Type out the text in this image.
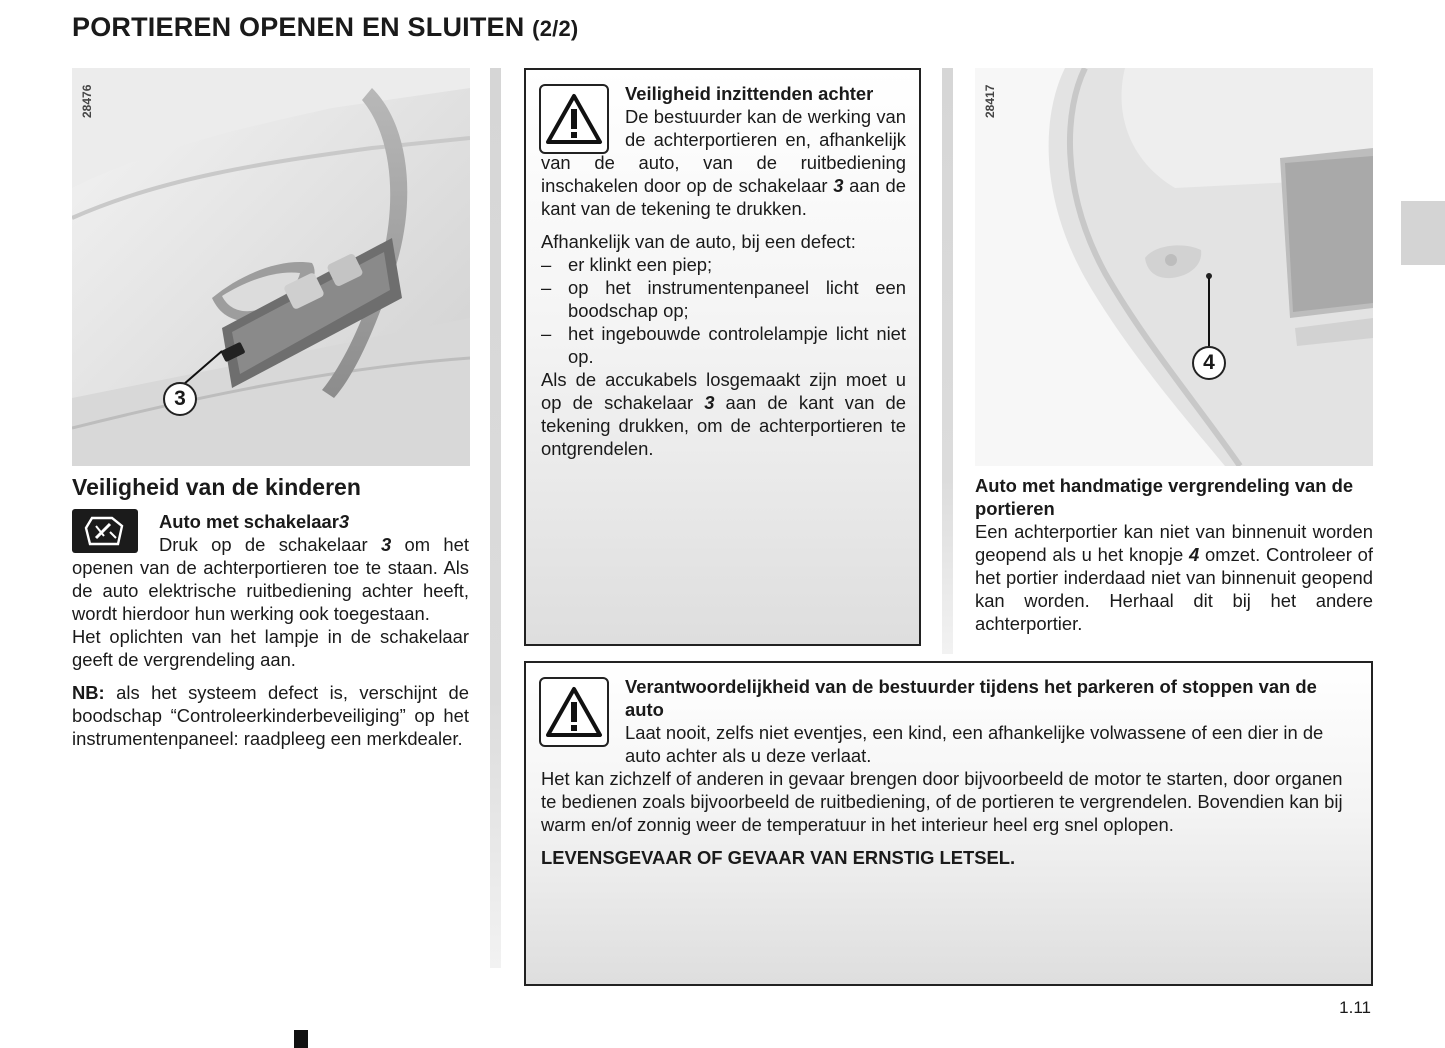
PORTIEREN OPENEN EN SLUITEN (2/2)
28476
3
28417
4
Veiligheid van de kinderen
Auto met schakelaar3
Druk op de schakelaar 3 om het openen van de achterportieren toe te staan. Als de auto elektrische ruitbediening achter heeft, wordt hierdoor hun werking ook toegestaan.
Het oplichten van het lampje in de schakelaar geeft de vergrendeling aan.
NB: als het systeem defect is, verschijnt de boodschap “Controleerkinderbeveiliging” op het instrumentenpaneel: raadpleeg een merkdealer.
Veiligheid inzittenden achter
De bestuurder kan de werking van de achterportieren en, afhankelijk van de auto, van de ruitbediening inschakelen door op de schakelaar 3 aan de kant van de tekening te drukken.
Afhankelijk van de auto, bij een defect:
– er klinkt een piep;
– op het instrumentenpaneel licht een boodschap op;
– het ingebouwde controlelampje licht niet op.
Als de accukabels losgemaakt zijn moet u op de schakelaar 3 aan de kant van de tekening drukken, om de achterportieren te ontgrendelen.
Auto met handmatige vergrendeling van de portieren
Een achterportier kan niet van binnenuit worden geopend als u het knopje 4 omzet. Controleer of het portier inderdaad niet van binnenuit geopend kan worden. Herhaal dit bij het andere achterportier.
Verantwoordelijkheid van de bestuurder tijdens het parkeren of stoppen van de auto
Laat nooit, zelfs niet eventjes, een kind, een afhankelijke volwassene of een dier in de auto achter als u deze verlaat.
Het kan zichzelf of anderen in gevaar brengen door bijvoorbeeld de motor te starten, door organen te bedienen zoals bijvoorbeeld de ruitbediening, of de portieren te vergrendelen. Bovendien kan bij warm en/of zonnig weer de temperatuur in het interieur heel erg snel oplopen.
LEVENSGEVAAR OF GEVAAR VAN ERNSTIG LETSEL.
1.11
